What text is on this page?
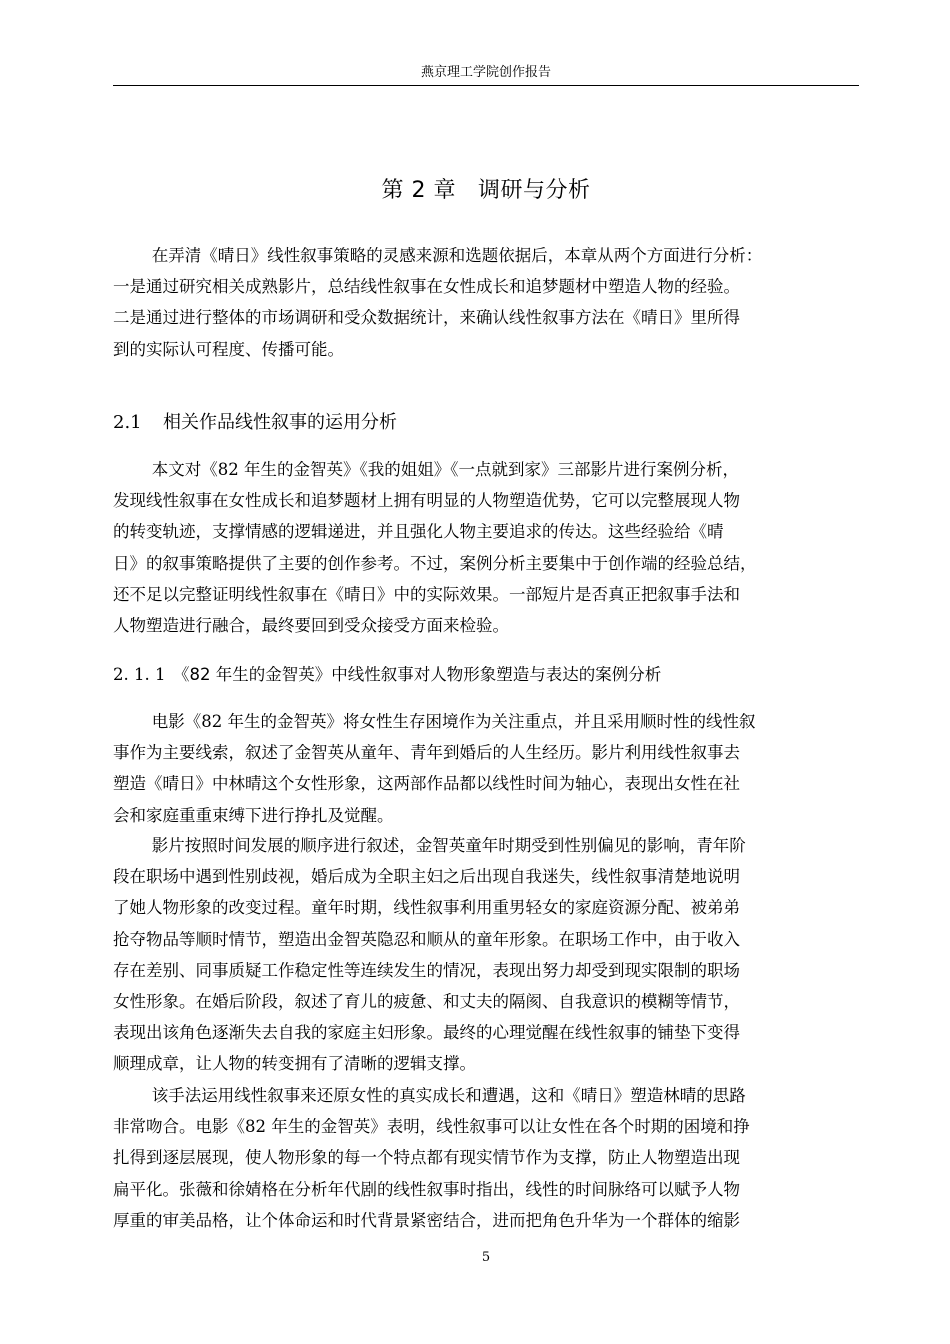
燕京理工学院创作报告
第 2 章 调研与分析
在弄清《晴日》线性叙事策略的灵感来源和选题依据后，本章从两个方面进行分析：
一是通过研究相关成熟影片，总结线性叙事在女性成长和追梦题材中塑造人物的经验。
二是通过进行整体的市场调研和受众数据统计，来确认线性叙事方法在《晴日》里所得
到的实际认可程度、传播可能。
2.1 相关作品线性叙事的运用分析
本文对《82 年生的金智英》《我的姐姐》《一点就到家》三部影片进行案例分析，
发现线性叙事在女性成长和追梦题材上拥有明显的人物塑造优势，它可以完整展现人物
的转变轨迹，支撑情感的逻辑递进，并且强化人物主要追求的传达。这些经验给《晴
日》的叙事策略提供了主要的创作参考。不过，案例分析主要集中于创作端的经验总结，
还不足以完整证明线性叙事在《晴日》中的实际效果。一部短片是否真正把叙事手法和
人物塑造进行融合，最终要回到受众接受方面来检验。
2. 1. 1 《82 年生的金智英》中线性叙事对人物形象塑造与表达的案例分析
电影《82 年生的金智英》将女性生存困境作为关注重点，并且采用顺时性的线性叙
事作为主要线索，叙述了金智英从童年、青年到婚后的人生经历。影片利用线性叙事去
塑造《晴日》中林晴这个女性形象，这两部作品都以线性时间为轴心，表现出女性在社
会和家庭重重束缚下进行挣扎及觉醒。
影片按照时间发展的顺序进行叙述，金智英童年时期受到性别偏见的影响，青年阶
段在职场中遇到性别歧视，婚后成为全职主妇之后出现自我迷失，线性叙事清楚地说明
了她人物形象的改变过程。童年时期，线性叙事利用重男轻女的家庭资源分配、被弟弟
抢夺物品等顺时情节，塑造出金智英隐忍和顺从的童年形象。在职场工作中，由于收入
存在差别、同事质疑工作稳定性等连续发生的情况，表现出努力却受到现实限制的职场
女性形象。在婚后阶段，叙述了育儿的疲惫、和丈夫的隔阂、自我意识的模糊等情节，
表现出该角色逐渐失去自我的家庭主妇形象。最终的心理觉醒在线性叙事的铺垫下变得
顺理成章，让人物的转变拥有了清晰的逻辑支撑。
该手法运用线性叙事来还原女性的真实成长和遭遇，这和《晴日》塑造林晴的思路
非常吻合。电影《82 年生的金智英》表明，线性叙事可以让女性在各个时期的困境和挣
扎得到逐层展现，使人物形象的每一个特点都有现实情节作为支撑，防止人物塑造出现
扁平化。张薇和徐婧格在分析年代剧的线性叙事时指出，线性的时间脉络可以赋予人物
厚重的审美品格，让个体命运和时代背景紧密结合，进而把角色升华为一个群体的缩影
5
